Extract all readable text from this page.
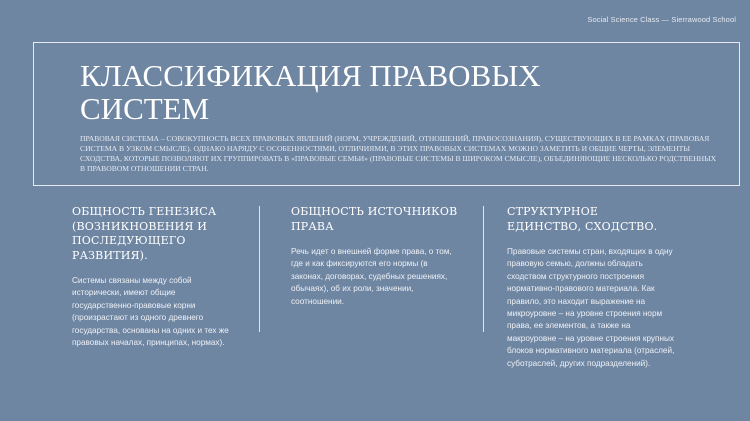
Social Science Class — Sierrawood School
КЛАССИФИКАЦИЯ ПРАВОВЫХ СИСТЕМ

ПРАВОВАЯ СИСТЕМА – СОВОКУПНОСТЬ ВСЕХ ПРАВОВЫХ ЯВЛЕНИЙ (НОРМ, УЧРЕЖДЕНИЙ, ОТНОШЕНИЙ, ПРАВОСОЗНАНИЯ), СУЩЕСТВУЮЩИХ В ЕЕ РАМКАХ (ПРАВОВАЯ СИСТЕМА В УЗКОМ СМЫСЛЕ). ОДНАКО НАРЯДУ С ОСОБЕННОСТЯМИ, ОТЛИЧИЯМИ, В ЭТИХ ПРАВОВЫХ СИСТЕМАХ МОЖНО ЗАМЕТИТЬ И ОБЩИЕ ЧЕРТЫ, ЭЛЕМЕНТЫ СХОДСТВА, КОТОРЫЕ ПОЗВОЛЯЮТ ИХ ГРУППИРОВАТЬ В «ПРАВОВЫЕ СЕМЬИ» (ПРАВОВЫЕ СИСТЕМЫ В ШИРОКОМ СМЫСЛЕ), ОБЪЕДИНЯЮЩИЕ НЕСКОЛЬКО РОДСТВЕННЫХ В ПРАВОВОМ ОТНОШЕНИИ СТРАН.

ОБЩНОСТЬ ГЕНЕЗИСА (ВОЗНИКНОВЕНИЯ И ПОСЛЕДУЮЩЕГО РАЗВИТИЯ).

Системы связаны между собой исторически, имеют общие государственно-правовые корни (произрастают из одного древнего государства, основаны на одних и тех же правовых началах, принципах, нормах).

ОБЩНОСТЬ ИСТОЧНИКОВ ПРАВА

Речь идет о внешней форме права, о том, где и как фиксируются его нормы (в законах, договорах, судебных решениях, обычаях), об их роли, значении, соотношении.

СТРУКТУРНОЕ ЕДИНСТВО, СХОДСТВО.

Правовые системы стран, входящих в одну правовую семью, должны обладать сходством структурного построения нормативно-правового материала. Как правило, это находит выражение на микроуровне – на уровне строения норм права, ее элементов, а также на макроуровне – на уровне строения крупных блоков нормативного материала (отраслей, суботраслей, других подразделений).
